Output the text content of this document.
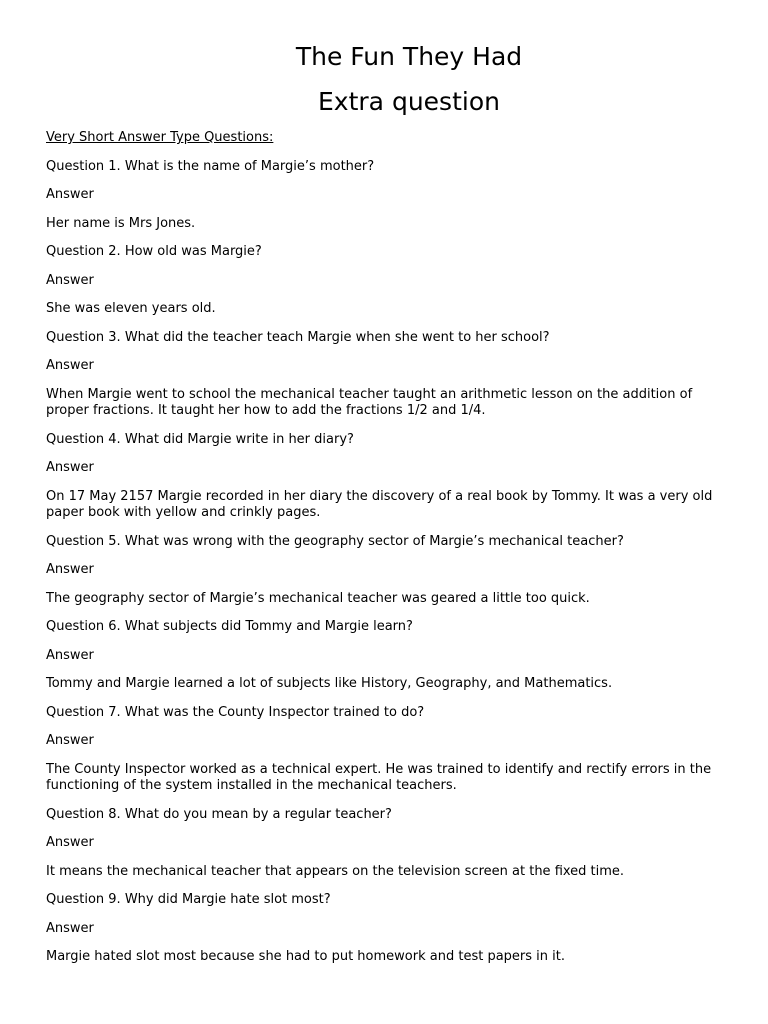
The Fun They Had
Extra question

Very Short Answer Type Questions:

Question 1. What is the name of Margie’s mother?

Answer

Her name is Mrs Jones.

Question 2. How old was Margie?

Answer

She was eleven years old.

Question 3. What did the teacher teach Margie when she went to her school?

Answer

When Margie went to school the mechanical teacher taught an arithmetic lesson on the addition of proper fractions. It taught her how to add the fractions 1/2 and 1/4.

Question 4. What did Margie write in her diary?

Answer

On 17 May 2157 Margie recorded in her diary the discovery of a real book by Tommy. It was a very old paper book with yellow and crinkly pages.

Question 5. What was wrong with the geography sector of Margie’s mechanical teacher?

Answer

The geography sector of Margie’s mechanical teacher was geared a little too quick.

Question 6. What subjects did Tommy and Margie learn?

Answer

Tommy and Margie learned a lot of subjects like History, Geography, and Mathematics.

Question 7. What was the County Inspector trained to do?

Answer

The County Inspector worked as a technical expert. He was trained to identify and rectify errors in the functioning of the system installed in the mechanical teachers.

Question 8. What do you mean by a regular teacher?

Answer

It means the mechanical teacher that appears on the television screen at the fixed time.

Question 9. Why did Margie hate slot most?

Answer

Margie hated slot most because she had to put homework and test papers in it.
